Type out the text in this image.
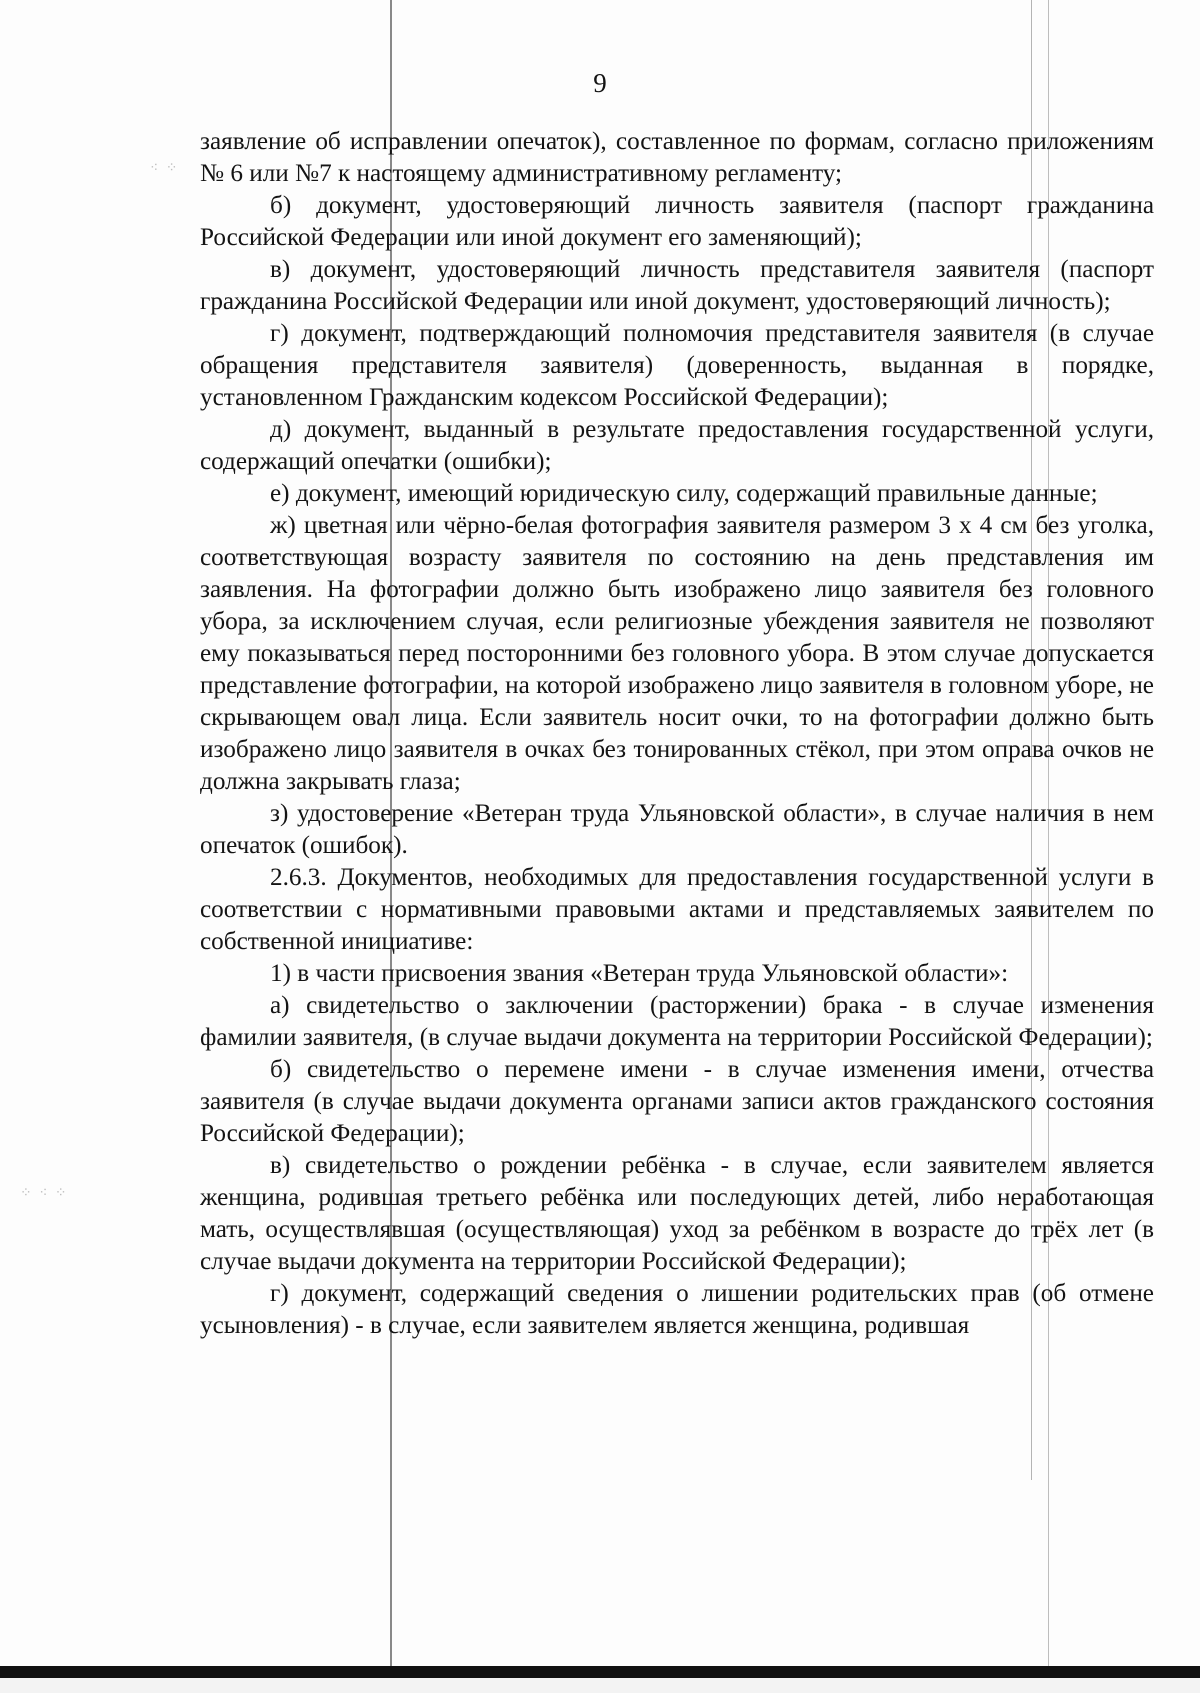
⁖ ⁘
⁘ ⁖ ⁘
9

заявление об исправлении опечаток), составленное по формам, согласно приложениям № 6 или №7 к настоящему административному регламенту;

б) документ, удостоверяющий личность заявителя (паспорт гражданина Российской Федерации или иной документ его заменяющий);

в) документ, удостоверяющий личность представителя заявителя (паспорт гражданина Российской Федерации или иной документ, удостоверяющий личность);

г) документ, подтверждающий полномочия представителя заявителя (в случае обращения представителя заявителя) (доверенность, выданная в порядке, установленном Гражданским кодексом Российской Федерации);

д) документ, выданный в результате предоставления государственной услуги, содержащий опечатки (ошибки);

е) документ, имеющий юридическую силу, содержащий правильные данные;

ж) цветная или чёрно-белая фотография заявителя размером 3 х 4 см без уголка, соответствующая возрасту заявителя по состоянию на день представления им заявления. На фотографии должно быть изображено лицо заявителя без головного убора, за исключением случая, если религиозные убеждения заявителя не позволяют ему показываться перед посторонними без головного убора. В этом случае допускается представление фотографии, на которой изображено лицо заявителя в головном уборе, не скрывающем овал лица. Если заявитель носит очки, то на фотографии должно быть изображено лицо заявителя в очках без тонированных стёкол, при этом оправа очков не должна закрывать глаза;

з) удостоверение «Ветеран труда Ульяновской области», в случае наличия в нем опечаток (ошибок).

2.6.3. Документов, необходимых для предоставления государственной услуги в соответствии с нормативными правовыми актами и представляемых заявителем по собственной инициативе:

1) в части присвоения звания «Ветеран труда Ульяновской области»:

а) свидетельство о заключении (расторжении) брака - в случае изменения фамилии заявителя, (в случае выдачи документа на территории Российской Федерации);

б) свидетельство о перемене имени - в случае изменения имени, отчества заявителя (в случае выдачи документа органами записи актов гражданского состояния Российской Федерации);

в) свидетельство о рождении ребёнка - в случае, если заявителем является женщина, родившая третьего ребёнка или последующих детей, либо неработающая мать, осуществлявшая (осуществляющая) уход за ребёнком в возрасте до трёх лет (в случае выдачи документа на территории Российской Федерации);

г) документ, содержащий сведения о лишении родительских прав (об отмене усыновления) - в случае, если заявителем является женщина, родившая
